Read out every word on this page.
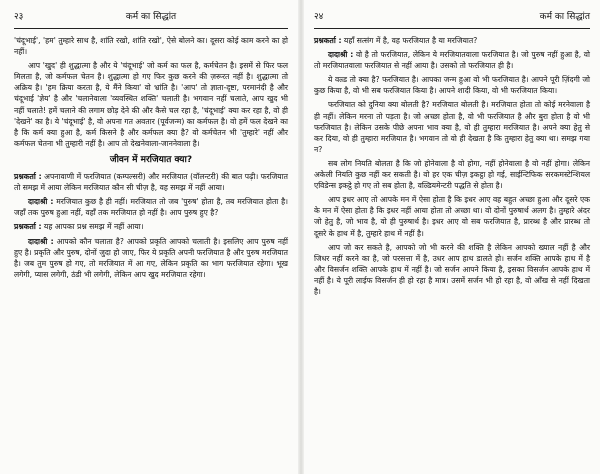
२३	कर्म का सिद्धांत

'चंदूभाई', 'हम' तुम्हारे साथ है, शांति रखो, शांति रखो', ऐसे बोलने का। दूसरा कोई काम करने का हो नहीं।

आप 'खुद' ही शुद्धात्मा है और ये 'चंदूभाई' जो कर्म का फल है, कर्मचेतन है। इसमें से फिर फल मिलता है, जो कर्मफल चेतन है। शुद्धात्मा हो गए फिर कुछ करने की ज़रूरत नहीं है। शुद्धात्मा तो अक्रिय है। 'हम क्रिया करता है, ये मैंने किया' वो भ्रांति है। 'आप' तो ज्ञाता-दृष्टा, परमानंदी है और चंदूभाई 'ज्ञेय' है और 'चलानेवाला 'व्यवस्थित शक्ति' चलाती है। भगवान नहीं चलाते, आप खुद भी नहीं चलाते! हमें चलाने की लगाम छोड़ देने की और कैसे चल रहा है, 'चंदूभाई' क्या कर रहा है, वो ही 'देखने' का है। ये 'चंदूभाई' है, वो अपना गत अवतार (पूर्वजन्म) का कर्मफल है। वो हमें फल देखने का है कि कर्म क्या हुआ है, कर्म किसने है और कर्मफल क्या है? वो कर्मचेतन भी 'तुम्हारे' नहीं और कर्मफल चेतना भी तुम्हारी नहीं है। आप तो देखनेवाला-जाननेवाला है।

जीवन में मरजियात क्या?

प्रश्नकर्ता : अपनावाणी में फरजियात (कम्पल्सरी) और मरजियात (वॉलन्टरी) की बात पढ़ी। फरजियात तो समझ में आया लेकिन मरजियात कौन सी चीज़ है, वह समझ में नहीं आया।

दादाश्री : मरजियात कुछ है ही नहीं। मरजियात तो जब 'पुरुष' होता है, तब मरजियात होता है। जहाँ तक पुरुष हुआ नहीं, वहाँ तक मरजियात हो नहीं है। आप पुरुष हुए है?

प्रश्नकर्ता : यह आपका प्रश्न समझ में नहीं आया।

दादाश्री : आपको कौन चलाता है? आपको प्रकृति आपको चलाती है। इसलिए आप पुरुष नहीं हुए है। प्रकृति और पुरुष, दोनों जुदा हो जाए, फिर ये प्रकृति अपनी फरजियात है और पुरुष मरजियात है। जब तुम पुरुष हो गए, तो मरजियात में आ गए, लेकिन प्रकृति का भाग फरजियात रहेगा। भूख लगेगी, प्यास लगेगी, ठंडी भी लगेगी, लेकिन आप खुद मरजियात रहेगा।

२४	कर्म का सिद्धांत

प्रश्नकर्ता : यहाँ सत्संग में है, वह फरजियात है या मरजियात?

दादाश्री : वो है तो फरजियात, लेकिन ये मरजियातवाला फरजियात है। जो पुरुष नहीं हुआ है, वो तो मरजियातवाला फरजियात से नहीं आया है। उसको तो फरजियात ही है।

ये वल्र्ड तो क्या है? फरजियात है। आपका जन्म हुआ वो भी फरजियात है। आपने पूरी ज़िंदगी जो कुछ किया है, वो भी सब फरजियात किया है। आपने शादी किया, वो भी फरजियात किया।

फरजियात को दुनिया क्या बोलती है? मरजियात बोलती है। मरजियात होता तो कोई मरनेवाला है ही नहीं। लेकिन मरना तो पड़ता है। जो अच्छा होता है, वो भी फरजियात है और बुरा होता है वो भी फरजियात है। लेकिन उसके पीछे अपना भाव क्या है, वो ही तुम्हारा मरजियात है। अपने क्या हेतु से कर दिया, वो ही तुम्हारा मरजियात है। भगवान तो वो ही देखता है कि तुम्हारा हेतु क्या था। समझ गया न?

सब लोग नियति बोलता है कि जो होनेवाला है वो होगा, नहीं होनेवाला है वो नहीं होगा। लेकिन अकेली नियति कुछ नहीं कर सकती है। वो हर एक चीज़ इकट्ठा हो गई, साईन्टिफिक सरकमस्टेन्शियल एविडेन्स इकट्ठे हो गए तो सब होता है, वल्र्डियमेन्टरी पद्धति से होता है।

आप इधर आए तो आपके मन में ऐसा होता है कि इधर आए वह बहुत अच्छा हुआ और दूसरे एक के मन में ऐसा होता है कि इधर नहीं आया होता तो अच्छा था। वो दोनों पुरुषार्थ अलग है। तुम्हारे अंदर जो हेतु है, जो भाव है, वो ही पुरुषार्थ है। इधर आए वो सब फरजियात है, प्रारब्ध है और प्रारब्ध तो दूसरे के हाथ में है, तुम्हारे हाथ में नहीं है।

आप जो कर सकते है, आपको जो भी करने की शक्ति है लेकिन आपको ख्याल नहीं है और जिधर नहीं करने का है, जो परसत्ता में है, उधर आप हाथ डालते हो। सर्जन शक्ति आपके हाथ में है और विसर्जन शक्ति आपके हाथ में नहीं है। जो सर्जन आपने किया है, इसका विसर्जन आपके हाथ में नहीं है। ये पूरी लाईफ विसर्जन ही हो रहा है मात्र। उसमें सर्जन भी हो रहा है, वो आँख से नहीं दिखता है।
